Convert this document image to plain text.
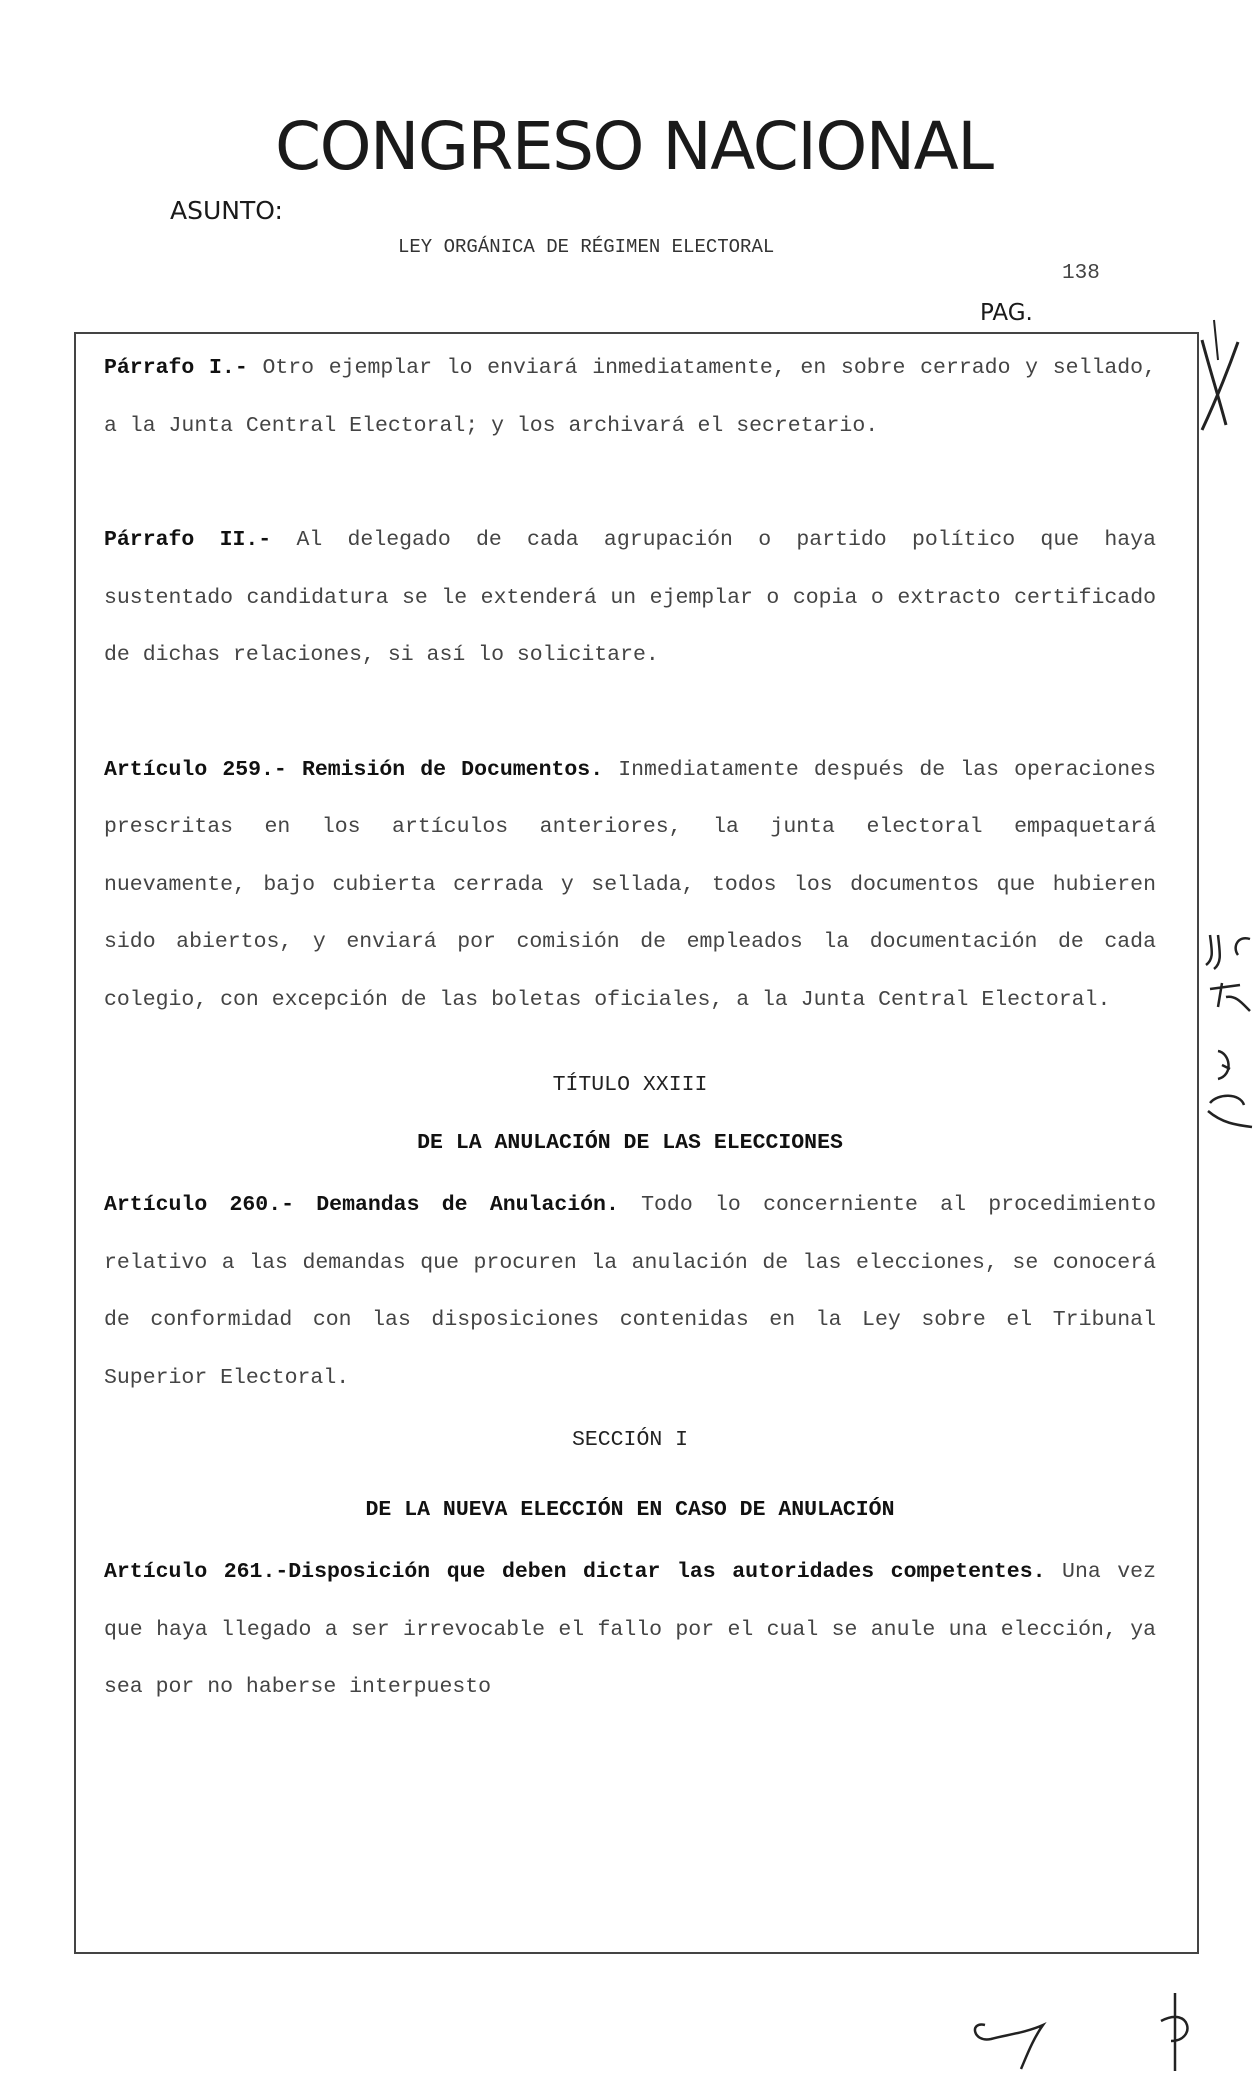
CONGRESO NACIONAL
ASUNTO:
LEY ORGÁNICA DE RÉGIMEN ELECTORAL
138
PAG.

Párrafo I.- Otro ejemplar lo enviará inmediatamente, en sobre cerrado y sellado, a la Junta Central Electoral; y los archivará el secretario.

Párrafo II.- Al delegado de cada agrupación o partido político que haya sustentado candidatura se le extenderá un ejemplar o copia o extracto certificado de dichas relaciones, si así lo solicitare.

Artículo 259.- Remisión de Documentos. Inmediatamente después de las operaciones prescritas en los artículos anteriores, la junta electoral empaquetará nuevamente, bajo cubierta cerrada y sellada, todos los documentos que hubieren sido abiertos, y enviará por comisión de empleados la documentación de cada colegio, con excepción de las boletas oficiales, a la Junta Central Electoral.

TÍTULO XXIII

DE LA ANULACIÓN DE LAS ELECCIONES

Artículo 260.- Demandas de Anulación. Todo lo concerniente al procedimiento relativo a las demandas que procuren la anulación de las elecciones, se conocerá de conformidad con las disposiciones contenidas en la Ley sobre el Tribunal Superior Electoral.

SECCIÓN I

DE LA NUEVA ELECCIÓN EN CASO DE ANULACIÓN

Artículo 261.-Disposición que deben dictar las autoridades competentes. Una vez que haya llegado a ser irrevocable el fallo por el cual se anule una elección, ya sea por no haberse interpuesto
